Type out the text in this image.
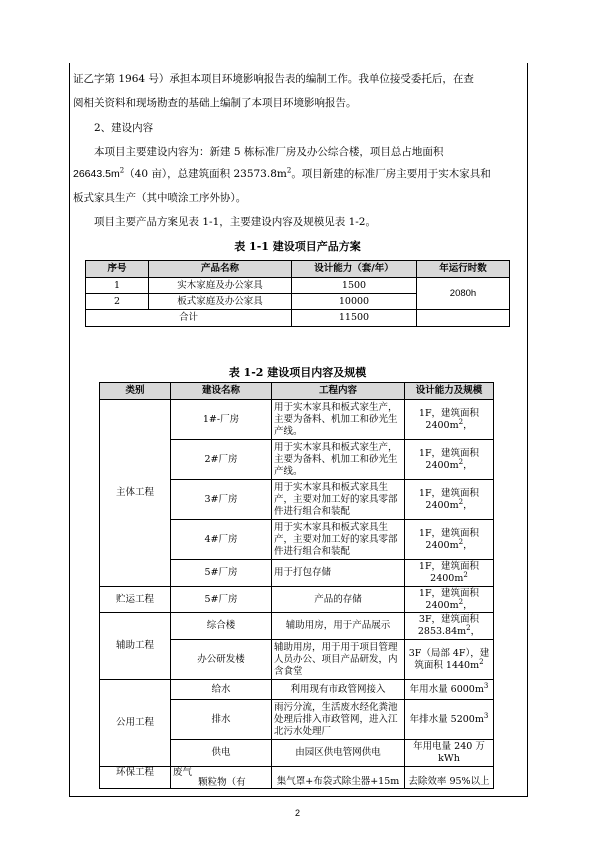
证乙字第 1964 号）承担本项目环境影响报告表的编制工作。我单位接受委托后，在查
阅相关资料和现场勘查的基础上编制了本项目环境影响报告。
2、建设内容
本项目主要建设内容为：新建 5 栋标准厂房及办公综合楼，项目总占地面积
$26643.5m^2(40$ 亩），总建筑面积 $23573.8m^2$。项目新建的标准厂房主要用于实木家具和
板式家具生产（其中喷涂工序外协）。
项目主要产品方案见表 1-1，主要建设内容及规模见表 1-2。
表 1-1 建设项目产品方案
序号	产品名称	设计能力（套/年）	年运行时数
1	实木家庭及办公家具	1500	2080h
2	板式家庭及办公家具	10000	
合计		11500	
表 1-2 建设项目内容及规模
类别	建设名称	工程内容	设计能力及规模
主体工程	1#-厂房	用于实木家具和板式家生产，主要为备料、机加工和砂光生产线。	1F，建筑面积
$2400m^2$，
	2#厂房	用于实木家具和板式家生产，主要为备料、机加工和砂光生产线。	1F，建筑面积
$2400m^2$，
	3#厂房	用于实木家具和板式家具生产，主要对加工好的家具零部件进行组合和装配	1F，建筑面积
$2400m^2$，
	4#厂房	用于实木家具和板式家具生产，主要对加工好的家具零部件进行组合和装配	1F，建筑面积
$2400m^2$，
	5#厂房	用于打包存储	1F，建筑面积
$2400m^2$
贮运工程	5#厂房	产品的存储	1F，建筑面积
$2400m^2$，
辅助工程	综合楼	辅助用房，用于产品展示	3F，建筑面积
$2853.84m^2$，
	办公研发楼	辅助用房，用于用于项目管理人员办公、项目产品研发，内含食堂	3F（局部 4F），建筑面积 $1440m^2$
公用工程	给水	利用现有市政管网接入	年用水量 $6000m^3$
	排水	雨污分流，生活废水经化粪池处理后排入市政管网，进入江北污水处理厂	年排水量 $5200m^3$
	供电	由园区供电管网供电	年用电量 240 万 kWh
环保工程	废气  颗粒物（有	集气罩+布袋式除尘器+15m	去除效率 95%以上
2
